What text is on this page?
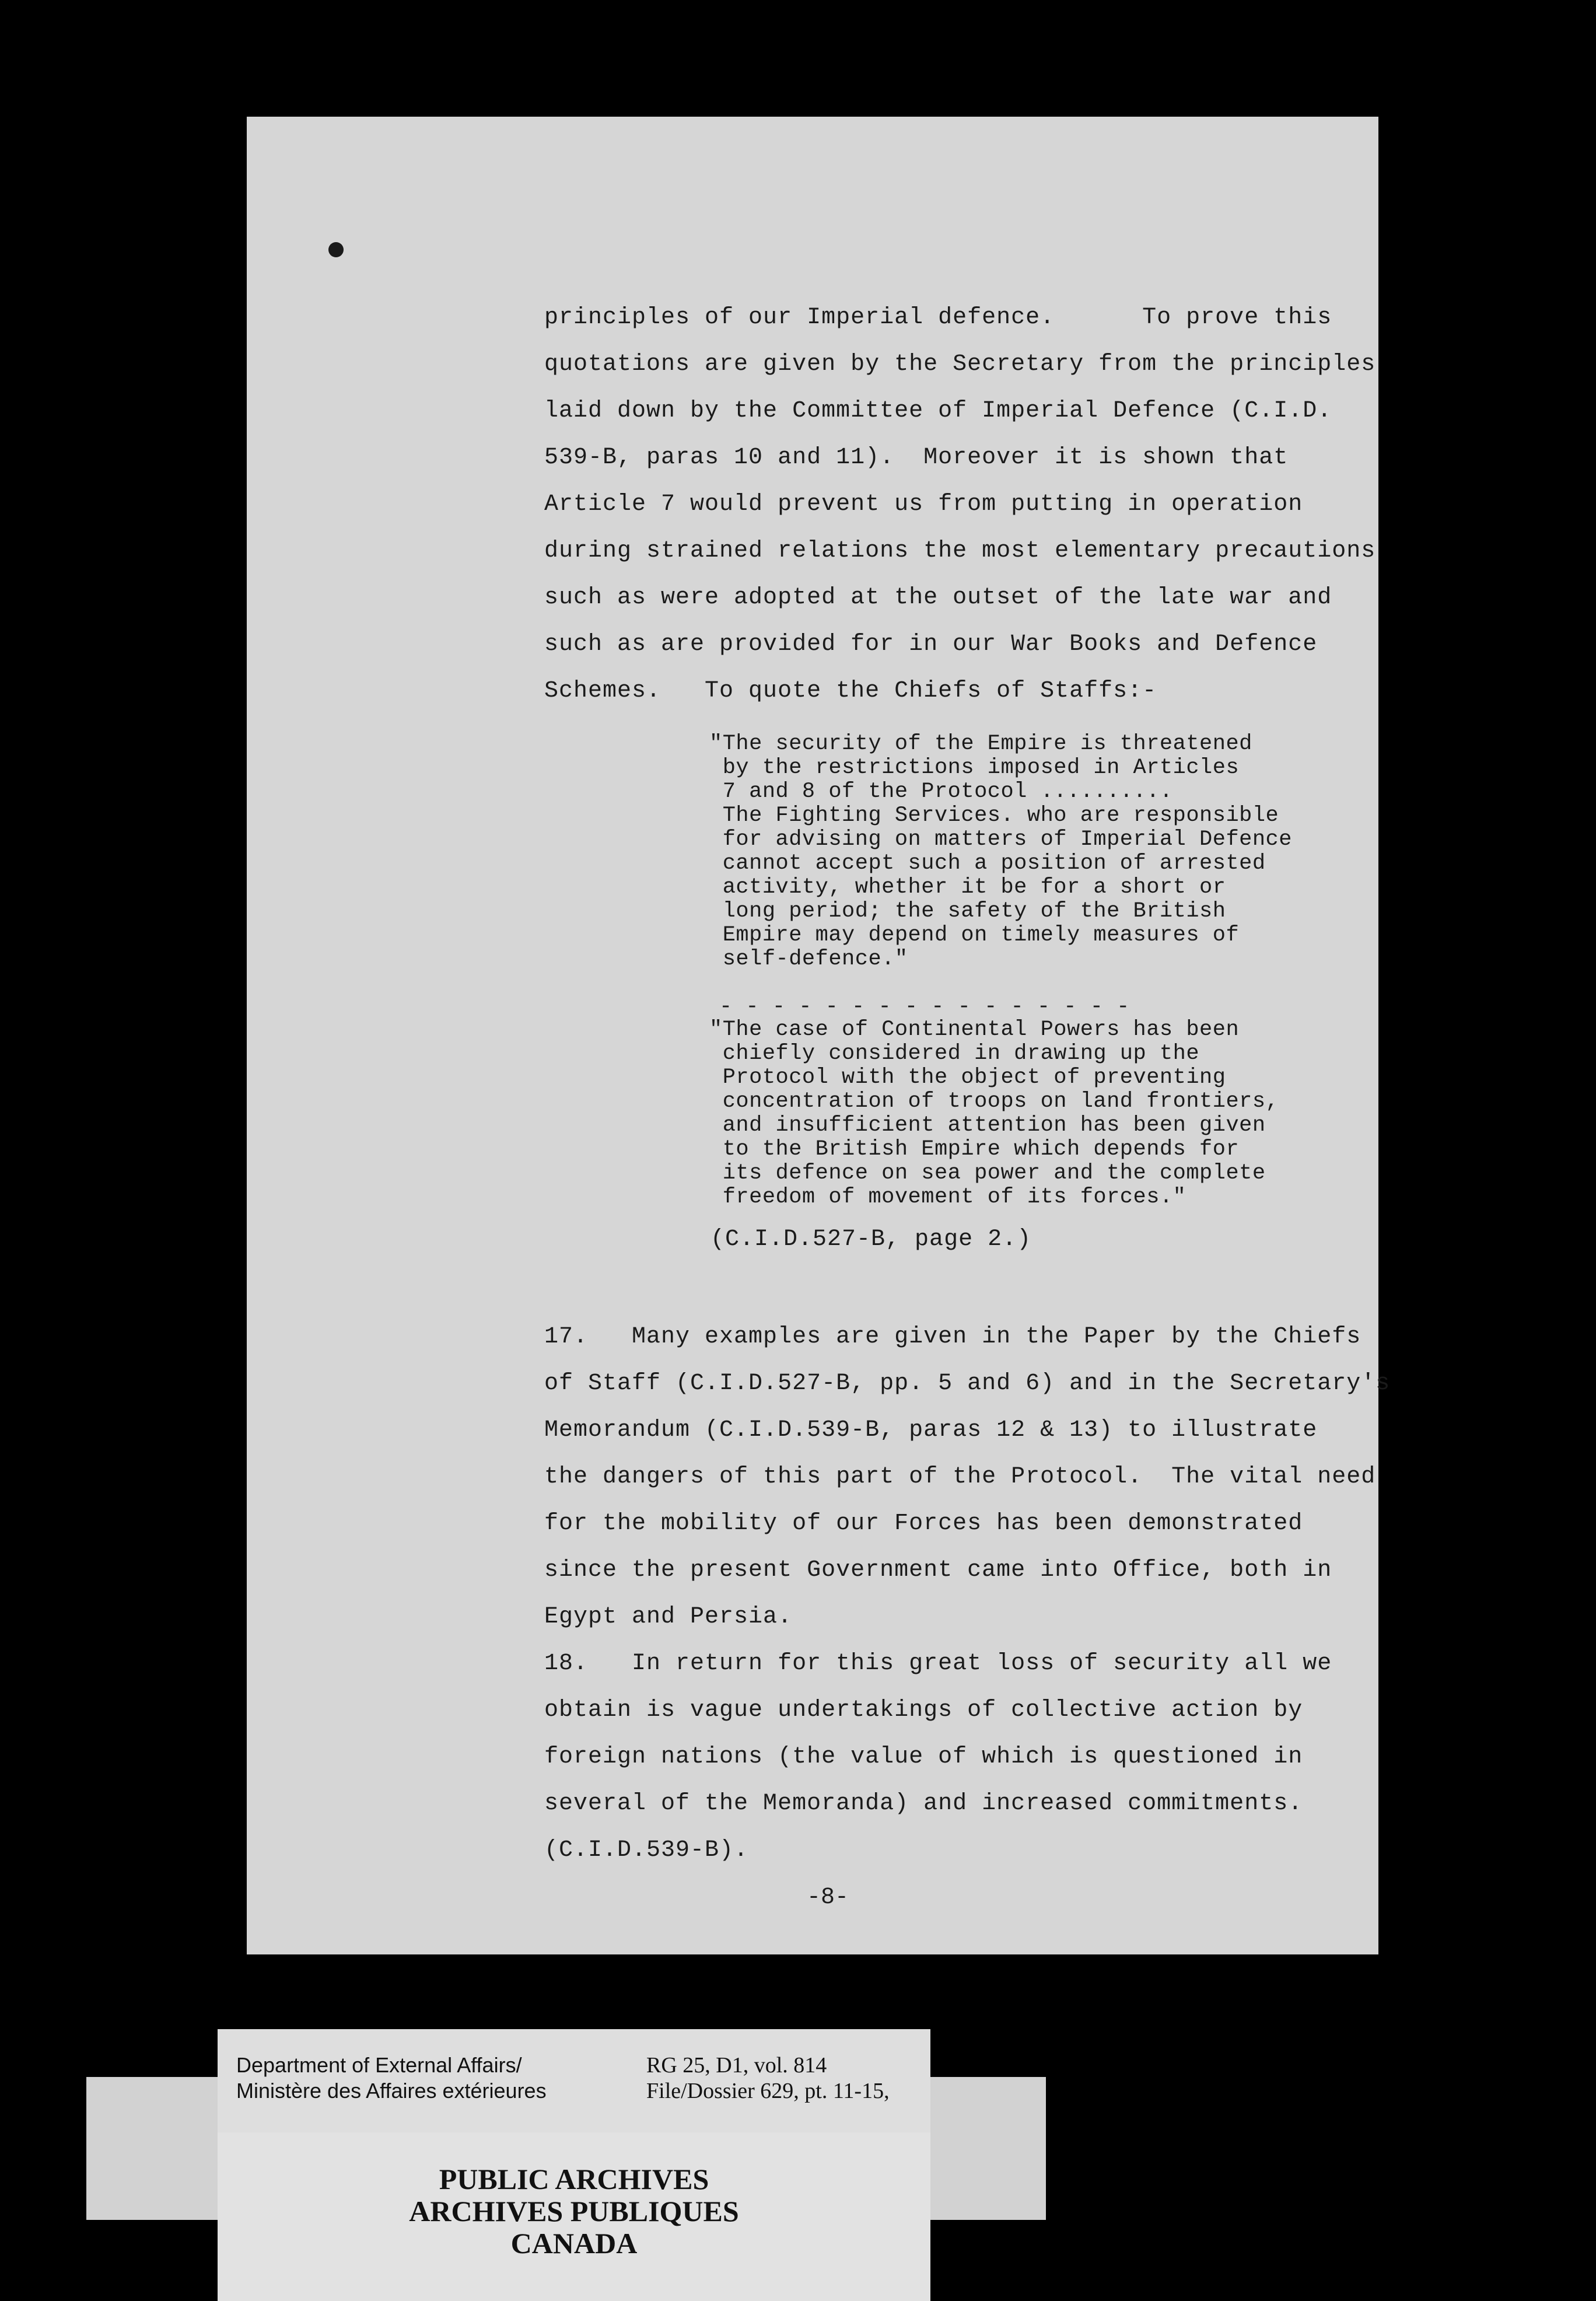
principles of our Imperial defence.      To prove this
quotations are given by the Secretary from the principles
laid down by the Committee of Imperial Defence (C.I.D.
539-B, paras 10 and 11).  Moreover it is shown that
Article 7 would prevent us from putting in operation
during strained relations the most elementary precautions
such as were adopted at the outset of the late war and
such as are provided for in our War Books and Defence
Schemes.   To quote the Chiefs of Staffs:-
"The security of the Empire is threatened
by the restrictions imposed in Articles
7 and 8 of the Protocol ..........
The Fighting Services. who are responsible
for advising on matters of Imperial Defence
cannot accept such a position of arrested
activity, whether it be for a short or
long period; the safety of the British
Empire may depend on timely measures of
self-defence."
- - - - - - - - - - - - - - - -
"The case of Continental Powers has been
chiefly considered in drawing up the
Protocol with the object of preventing
concentration of troops on land frontiers,
and insufficient attention has been given
to the British Empire which depends for
its defence on sea power and the complete
freedom of movement of its forces."
(C.I.D.527-B, page 2.)
17.   Many examples are given in the Paper by the Chiefs
of Staff (C.I.D.527-B, pp. 5 and 6) and in the Secretary's
Memorandum (C.I.D.539-B, paras 12 & 13) to illustrate
the dangers of this part of the Protocol.  The vital need
for the mobility of our Forces has been demonstrated
since the present Government came into Office, both in
Egypt and Persia.
18.   In return for this great loss of security all we
obtain is vague undertakings of collective action by
foreign nations (the value of which is questioned in
several of the Memoranda) and increased commitments.
(C.I.D.539-B).
-8-
Department of External Affairs/
Ministère des Affaires extérieures
RG 25, D1, vol. 814
File/Dossier 629, pt. 11-15,
PUBLIC ARCHIVES
ARCHIVES PUBLIQUES
CANADA
